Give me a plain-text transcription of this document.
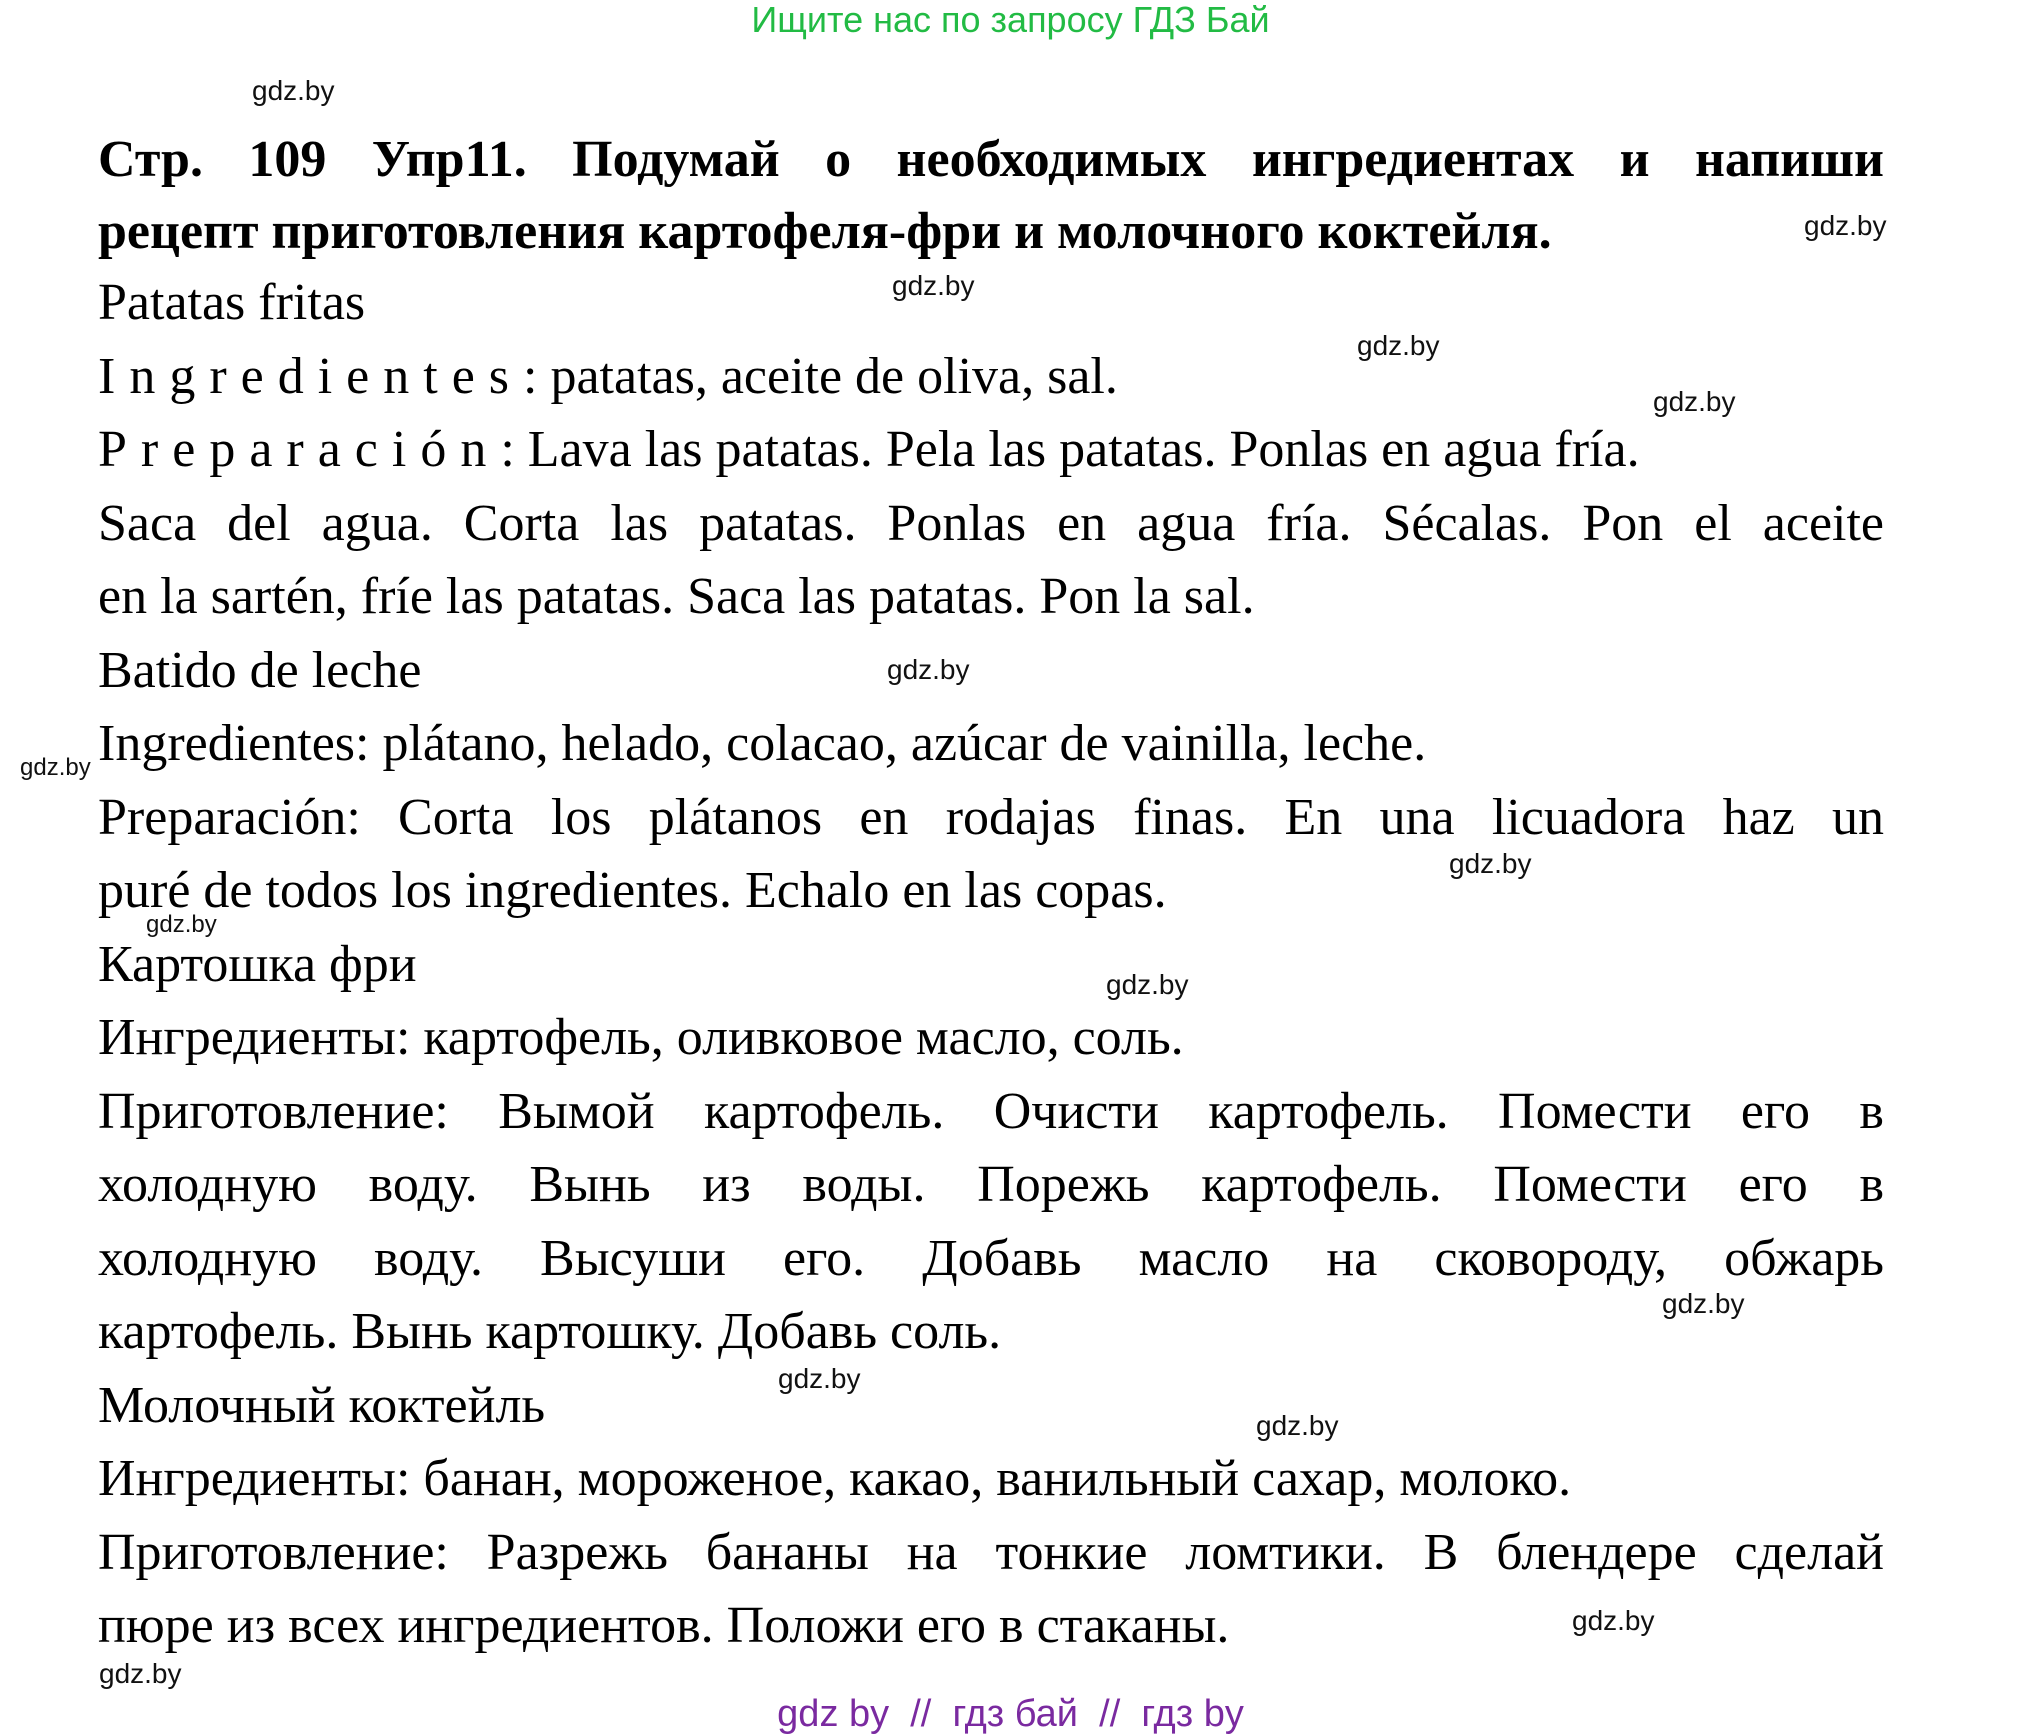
Ищите нас по запросу ГДЗ Бай
Стр. 109 Упр11. Подумай о необходимых ингредиентах и напиши
рецепт приготовления картофеля-фри и молочного коктейля.
Patatas fritas
Ingredientes: patatas, aceite de oliva, sal.
Preparación: Lava las patatas. Pela las patatas. Ponlas en agua fría.
Saca del agua. Corta las patatas. Ponlas en agua fría. Sécalas. Pon el aceite
en la sartén, fríe las patatas. Saca las patatas. Pon la sal.
Batido de leche
Ingredientes: plátano, helado, colacao, azúcar de vainilla, leche.
Preparación: Corta los plátanos en rodajas finas. En una licuadora haz un
puré de todos los ingredientes. Echalo en las copas.
Картошка фри
Ингредиенты: картофель, оливковое масло, соль.
Приготовление: Вымой картофель. Очисти картофель. Помести его в
холодную воду. Вынь из воды. Порежь картофель. Помести его в
холодную воду. Высуши его. Добавь масло на сковороду, обжарь
картофель. Вынь картошку. Добавь соль.
Молочный коктейль
Ингредиенты: банан, мороженое, какао, ванильный сахар, молоко.
Приготовление: Разрежь бананы на тонкие ломтики. В блендере сделай
пюре из всех ингредиентов. Положи его в стаканы.
gdz.by
gdz.by
gdz.by
gdz.by
gdz.by
gdz.by
gdz.by
gdz.by
gdz.by
gdz.by
gdz.by
gdz.by
gdz.by
gdz.by
gdz.by
gdz by  //  гдз бай  //  гдз by
